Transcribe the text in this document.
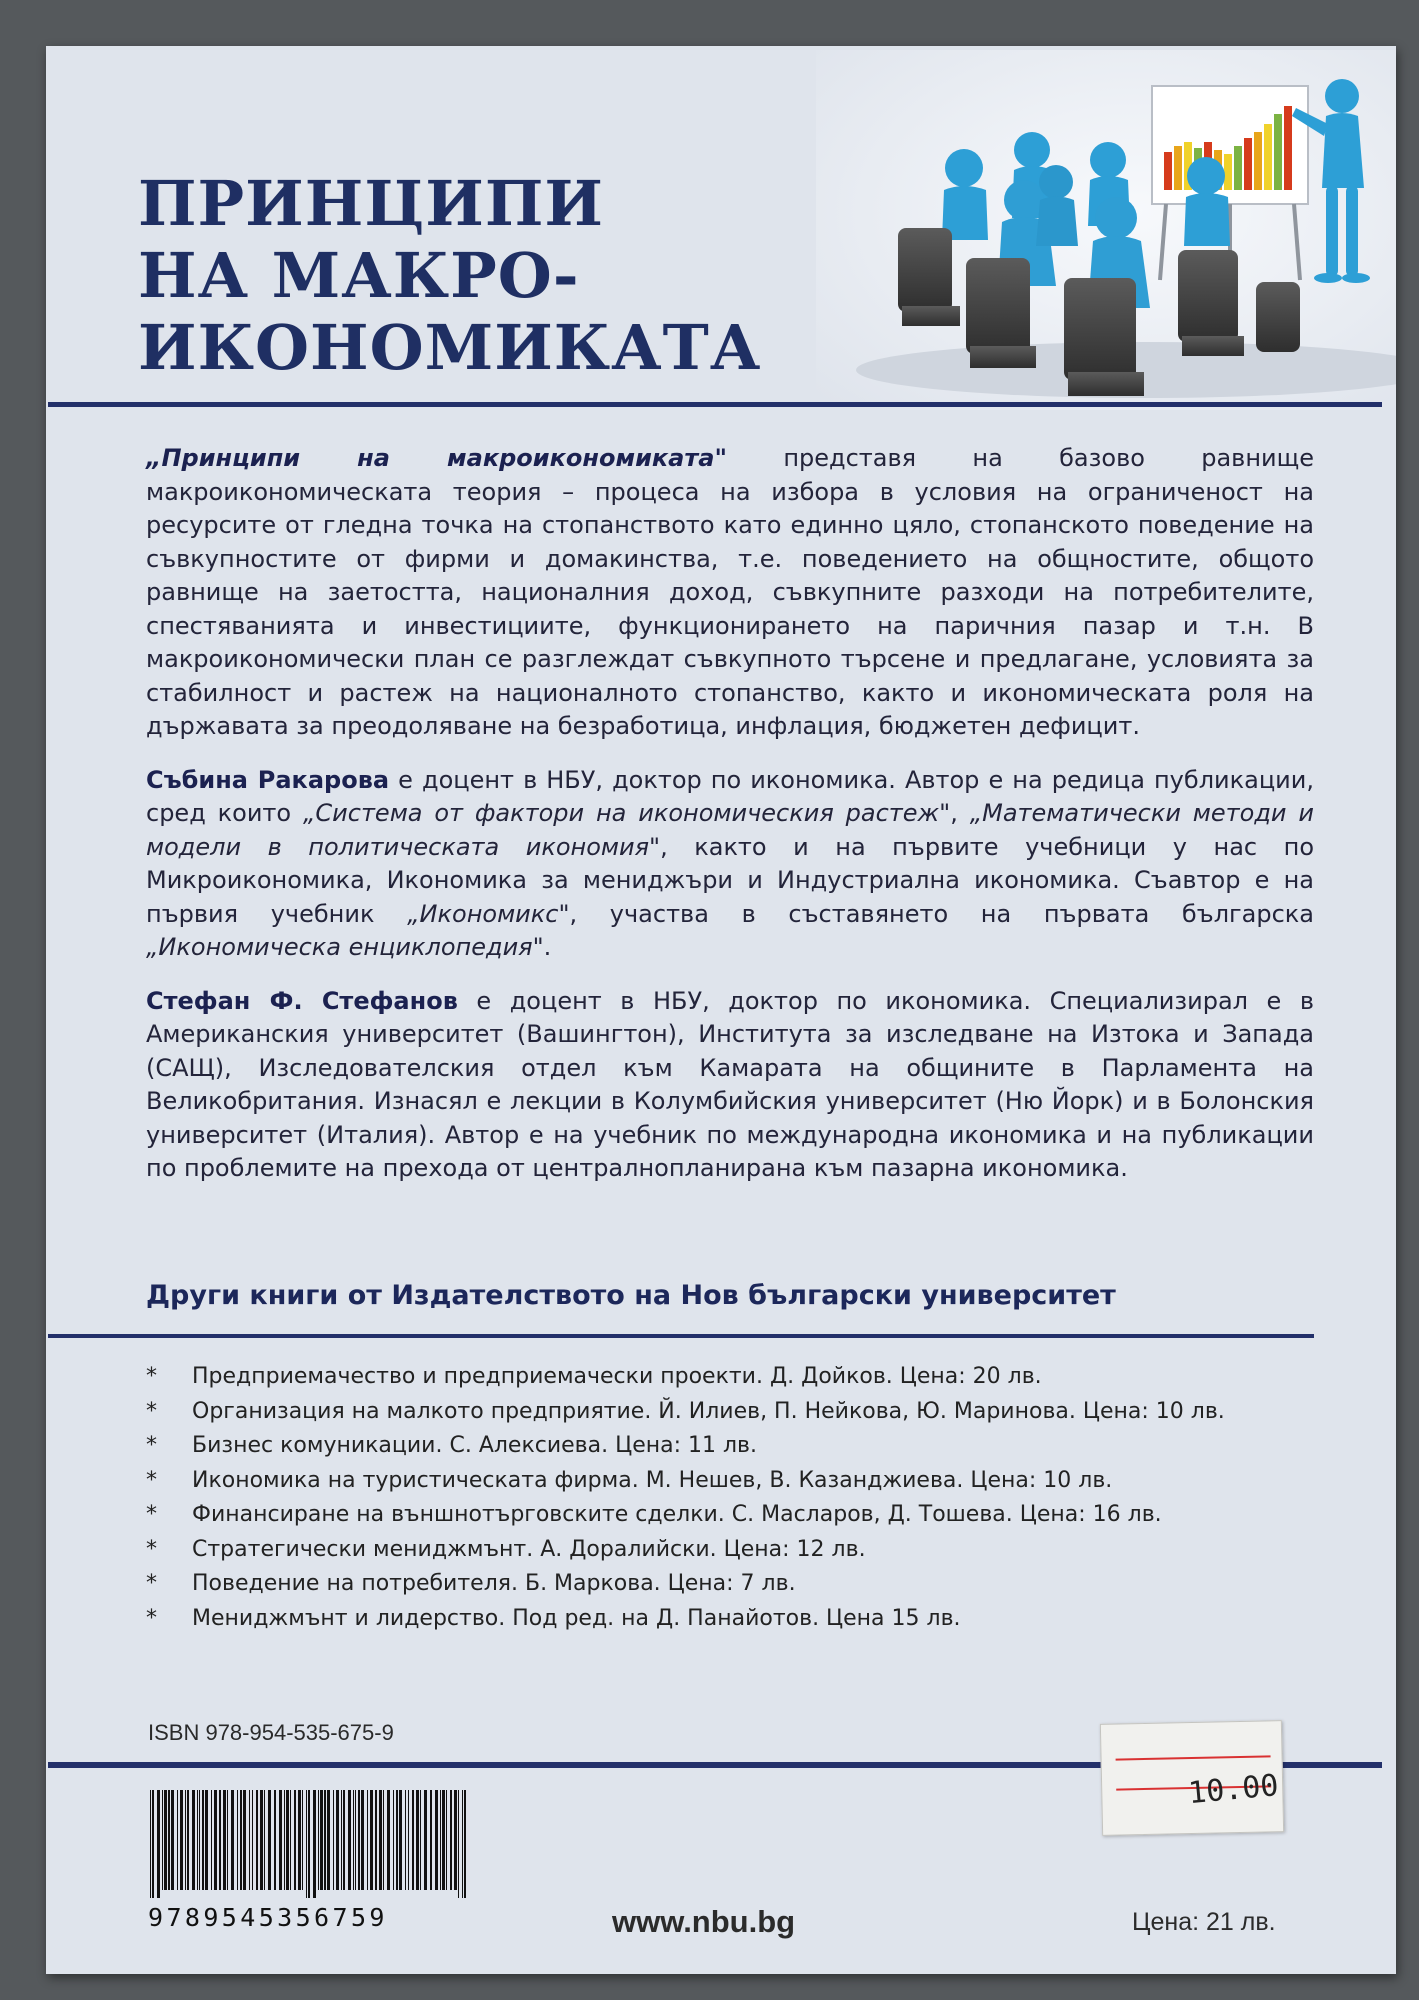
ПРИНЦИПИ
НА МАКРО-
ИКОНОМИКАТА

„Принципи на макроикономиката" представя на базово равнище макроикономическата теория – процеса на избора в условия на ограниченост на ресурсите от гледна точка на стопанството като единно цяло, стопанското поведение на съвкупностите от фирми и домакинства, т.е. поведението на общностите, общото равнище на заетостта, националния доход, съвкупните разходи на потребителите, спестяванията и инвестициите, функционирането на паричния пазар и т.н. В макроикономически план се разглеждат съвкупното търсене и предлагане, условията за стабилност и растеж на националното стопанство, както и икономическата роля на държавата за преодоляване на безработица, инфлация, бюджетен дефицит.

Събина Ракарова е доцент в НБУ, доктор по икономика. Автор е на редица публикации, сред които „Система от фактори на икономическия растеж", „Математически методи и модели в политическата икономия", както и на първите учебници у нас по Микроикономика, Икономика за мениджъри и Индустриална икономика. Съавтор е на първия учебник „Икономикс", участва в съставянето на първата българска „Икономическа енциклопедия".

Стефан Ф. Стефанов е доцент в НБУ, доктор по икономика. Специализирал е в Американския университет (Вашингтон), Института за изследване на Изтока и Запада (САЩ), Изследователския отдел към Камарата на общините в Парламента на Великобритания. Изнасял е лекции в Колумбийския университет (Ню Йорк) и в Болонския университет (Италия). Автор е на учебник по международна икономика и на публикации по проблемите на прехода от централнопланирана към пазарна икономика.

Други книги от Издателството на Нов български университет
*	Предприемачество и предприемачески проекти. Д. Дойков. Цена: 20 лв.
*	Организация на малкото предприятие. Й. Илиев, П. Нейкова, Ю. Маринова. Цена: 10 лв.
*	Бизнес комуникации. С. Алексиева. Цена: 11 лв.
*	Икономика на туристическата фирма. М. Нешев, В. Казанджиева. Цена: 10 лв.
*	Финансиране на външнотърговските сделки. С. Масларов, Д. Тошева. Цена: 16 лв.
*	Стратегически мениджмънт. А. Доралийски. Цена: 12 лв.
*	Поведение на потребителя. Б. Маркова. Цена: 7 лв.
*	Мениджмънт и лидерство. Под ред. на Д. Панайотов. Цена 15 лв.
ISBN 978-954-535-675-9
9789545356759	www.nbu.bg	Цена: 21 лв.
10.00
